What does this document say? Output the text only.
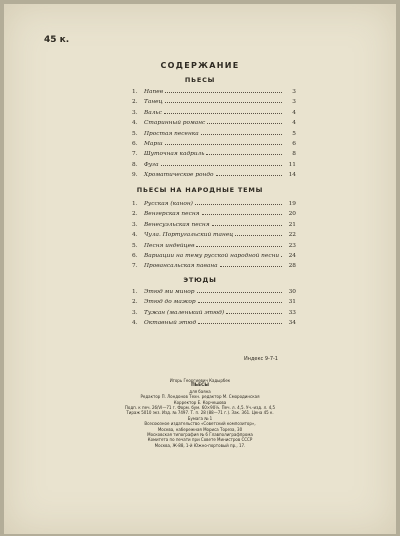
45 к.
СОДЕРЖАНИЕ
ПЬЕСЫ
1.	Напев	3
2.	Танец	3
3.	Вальс	4
4.	Старинный романс	4
5.	Простая песенка	5
6.	Марш	6
7.	Шуточная кадриль	8
8.	Фуга	11
9.	Хроматическое рондо	14
ПЬЕСЫ НА НАРОДНЫЕ ТЕМЫ
1.	Русская (канон)	19
2.	Венгерская песня	20
3.	Венесуэльская песня	21
4.	Чула. Португальский танец	22
5.	Песня индейцев	23
6.	Вариации на тему русской народной песни	24
7.	Провансальская паванa	28
ЭТЮДЫ
1.	Этюд ми минор	30
2.	Этюд до мажор	31
3.	Тужан (маленький этюд)	33
4.	Октавный этюд	34
Индекс 9-7-1
Игорь Георгиевич Кадырбек
ПЬЕСЫ
для баяна
Редактор П. Лондонов Техн. редактор М. Смородинская
Корректор Е. Корчешова
Подп. к печ. 26/VI—71 г. Форм. бум. 60×90⅛. Печ. л. 4,5. Уч.-изд. л. 4,5
Тираж 5010 экз. Изд. № 7497. Т. п. 28 (88—71 г.). Зак. 361. Цена 45 к.
Бумага № 1
Всесоюзное издательство «Советский композитор»,
Москва, набережная Мориса Тореза, 30
Московская типография № 6 Главполиграфпрома
Комитета по печати при Совете Министров СССР
Москва, Ж-88, 1-й Южно-портовый пр., 17.
